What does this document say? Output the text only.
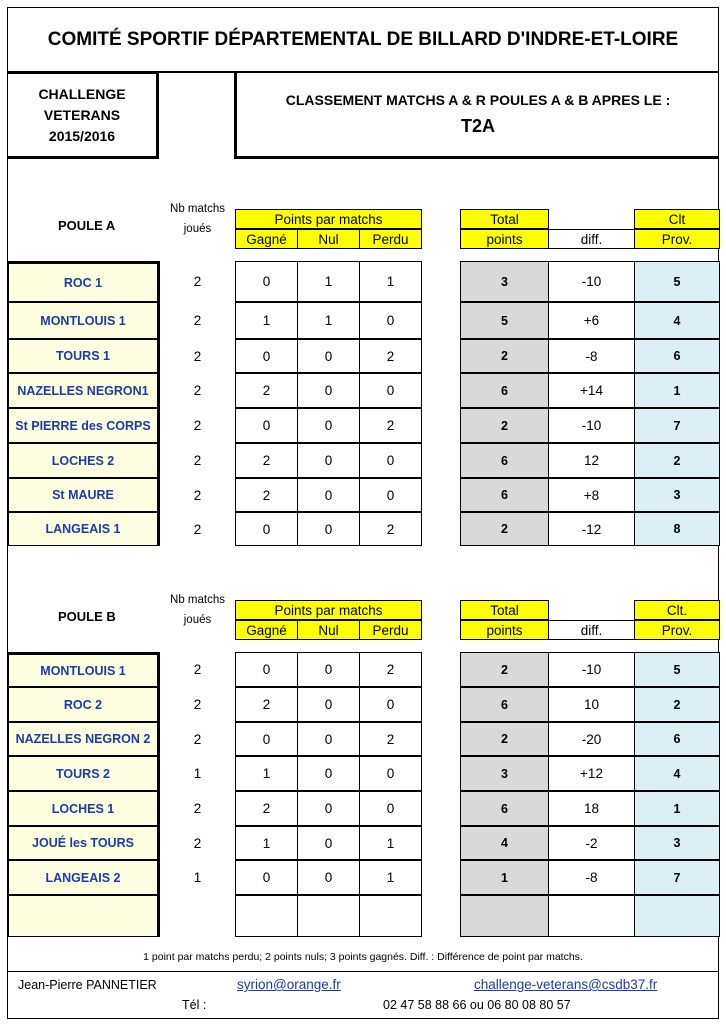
COMITÉ SPORTIF DÉPARTEMENTAL DE BILLARD D'INDRE-ET-LOIRE
CHALLENGE
VETERANS
2015/2016
CLASSEMENT MATCHS A & R POULES A & B APRES LE :
T2A
POULE A
Nb matchs
joués
Points par matchs
Gagné Nul	Perdu
Total
points	diff.
Clt
Prov.
ROC 1	2	0	1	1	3	-10	5
MONTLOUIS 1	2	1	1	0	5	+6	4
TOURS 1	2	0	0	2	2	-8	6
NAZELLES NEGRON1	2	2	0	0	6	+14	1
St PIERRE des CORPS	2	0	0	2	2	-10	7
LOCHES 2	2	2	0	0	6	12	2
St MAURE	2	2	0	0	6	+8	3
LANGEAIS 1	2	0	0	2	2	-12	8
POULE B
Nb matchs
joués
Points par matchs
Gagné Nul	Perdu
Total
points	diff.
Clt.
Prov.
MONTLOUIS 1	2	0	0	2	2	-10	5
ROC 2	2	2	0	0	6	10	2
NAZELLES NEGRON 2	2	0	0	2	2	-20	6
TOURS 2	1	1	0	0	3	+12	4
LOCHES 1	2	2	0	0	6	18	1
JOUÉ les TOURS	2	1	0	1	4	-2	3
LANGEAIS 2	1	0	0	1	1	-8	7
1 point par matchs perdu; 2 points nuls; 3 points gagnés. Diff. : Différence de point par matchs.
Jean-Pierre PANNETIER	syrion@orange.fr	challenge-veterans@csdb37.fr
Tél :	02 47 58 88 66 ou 06 80 08 80 57
